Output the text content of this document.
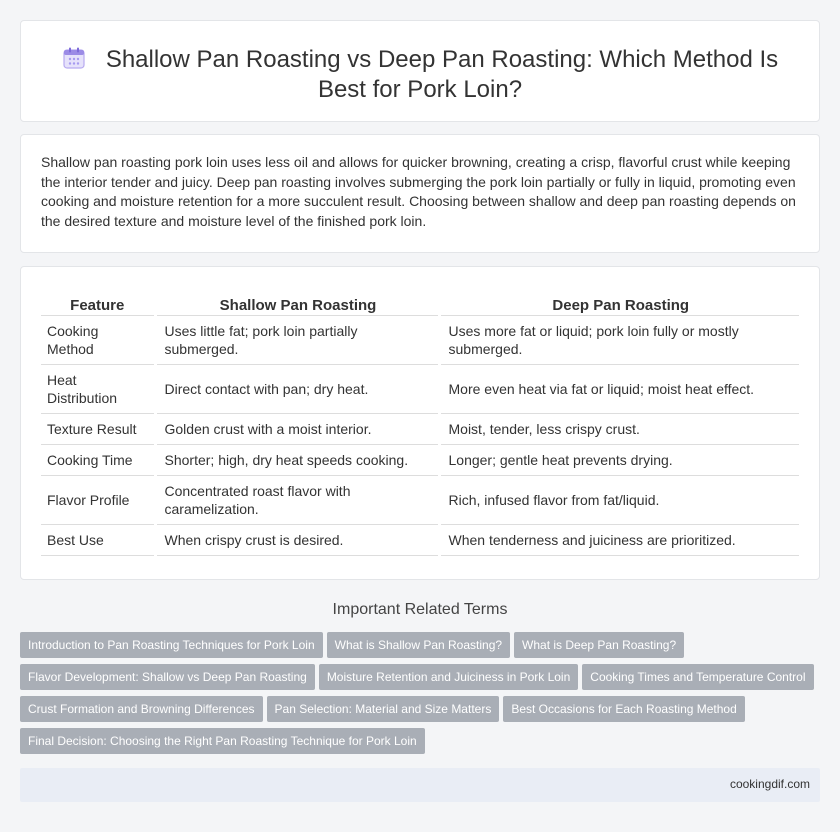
Shallow Pan Roasting vs Deep Pan Roasting: Which Method Is Best for Pork Loin?

Shallow pan roasting pork loin uses less oil and allows for quicker browning, creating a crisp, flavorful crust while keeping the interior tender and juicy. Deep pan roasting involves submerging the pork loin partially or fully in liquid, promoting even cooking and moisture retention for a more succulent result. Choosing between shallow and deep pan roasting depends on the desired texture and moisture level of the finished pork loin.

Feature	Shallow Pan Roasting	Deep Pan Roasting
Cooking Method	Uses little fat; pork loin partially submerged.	Uses more fat or liquid; pork loin fully or mostly submerged.
Heat Distribution	Direct contact with pan; dry heat.	More even heat via fat or liquid; moist heat effect.
Texture Result	Golden crust with a moist interior.	Moist, tender, less crispy crust.
Cooking Time	Shorter; high, dry heat speeds cooking.	Longer; gentle heat prevents drying.
Flavor Profile	Concentrated roast flavor with caramelization.	Rich, infused flavor from fat/liquid.
Best Use	When crispy crust is desired.	When tenderness and juiciness are prioritized.
Important Related Terms
Introduction to Pan Roasting Techniques for Pork Loin What is Shallow Pan Roasting? What is Deep Pan Roasting?
Flavor Development: Shallow vs Deep Pan Roasting Moisture Retention and Juiciness in Pork Loin Cooking Times and Temperature Control
Crust Formation and Browning Differences Pan Selection: Material and Size Matters Best Occasions for Each Roasting Method
Final Decision: Choosing the Right Pan Roasting Technique for Pork Loin
cookingdif.com
